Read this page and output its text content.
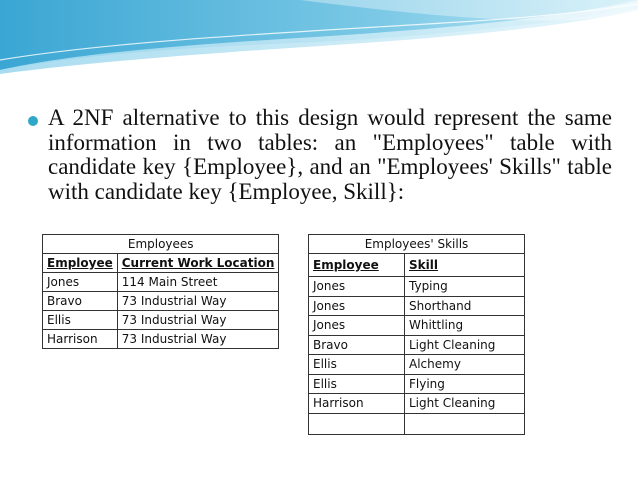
A 2NF alternative to this design would represent the same information in two tables: an "Employees" table with candidate key {Employee}, and an "Employees' Skills" table with candidate key {Employee, Skill}:
Employees	
Employee	Current Work Location
Jones	114 Main Street
Bravo	73 Industrial Way
Ellis	73 Industrial Way
Harrison	73 Industrial Way
Employees' Skills	
Employee	Skill
Jones	Typing
Jones	Shorthand
Jones	Whittling
Bravo	Light Cleaning
Ellis	Alchemy
Ellis	Flying
Harrison	Light Cleaning
